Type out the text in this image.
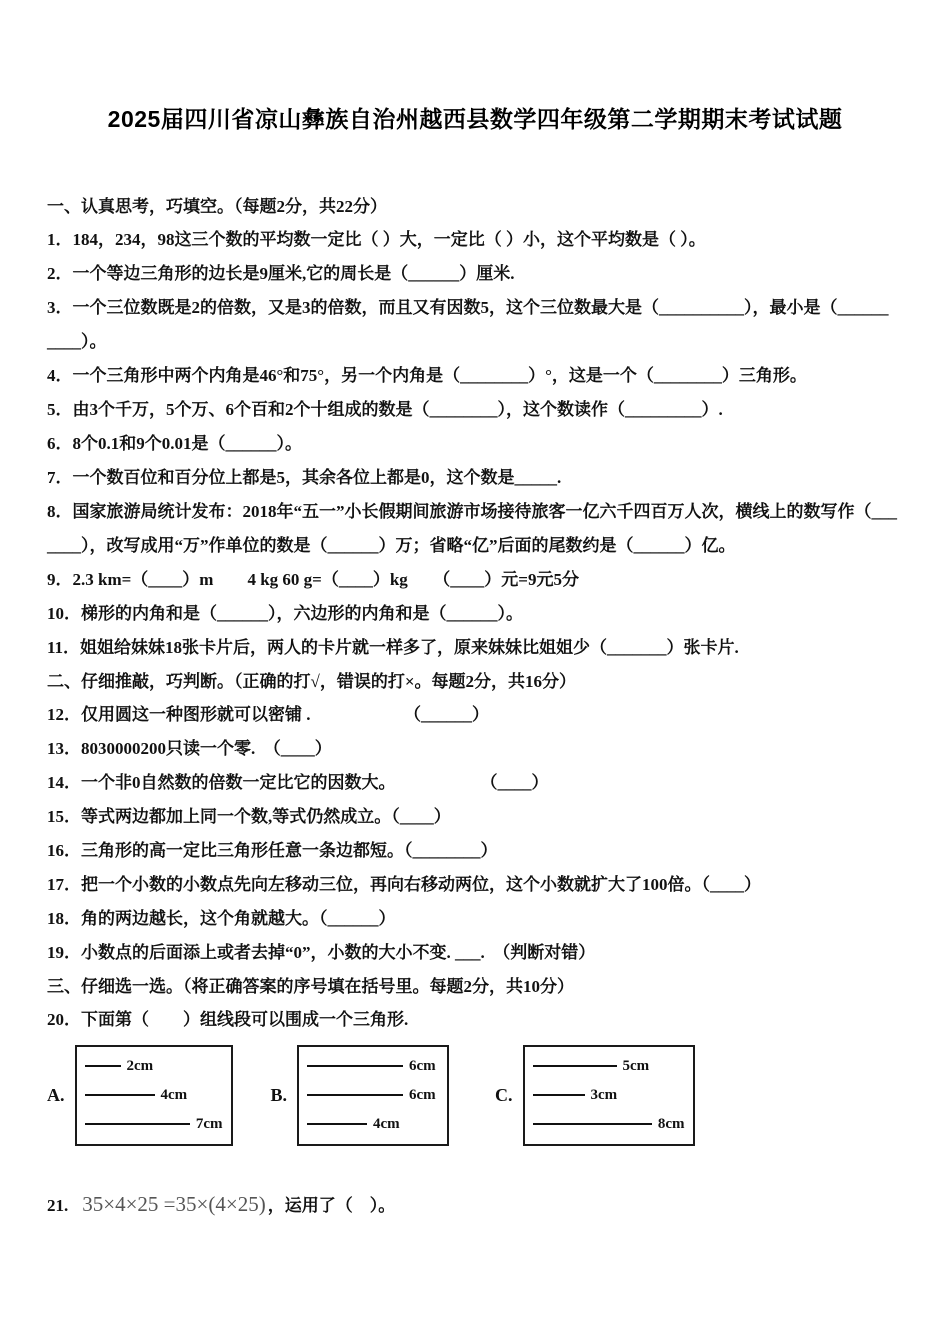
2025届四川省凉山彝族自治州越西县数学四年级第二学期期末考试试题

一、认真思考，巧填空。（每题2分，共22分）

1．184，234，98这三个数的平均数一定比（ ）大，一定比（ ）小，这个平均数是（ ）。

2．一个等边三角形的边长是9厘米,它的周长是（______）厘米.

3．一个三位数既是2的倍数，又是3的倍数，而且又有因数5，这个三位数最大是（__________），最小是（______

____）。

4．一个三角形中两个内角是46°和75°，另一个内角是（________）°，这是一个（________）三角形。

5．由3个千万，5个万、6个百和2个十组成的数是（________），这个数读作（_________）.

6．8个0.1和9个0.01是（______）。

7．一个数百位和百分位上都是5，其余各位上都是0，这个数是_____.

8．国家旅游局统计发布：2018年“五一”小长假期间旅游市场接待旅客一亿六千四百万人次，横线上的数写作（___

____），改写成用“万”作单位的数是（______）万；省略“亿”后面的尾数约是（______）亿。

9．2.3 km=（____）m　　4 kg 60 g=（____）kg　　（____）元=9元5分

10．梯形的内角和是（______），六边形的内角和是（______）。

11．姐姐给妹妹18张卡片后，两人的卡片就一样多了，原来妹妹比姐姐少（_______）张卡片.

二、仔细推敲，巧判断。（正确的打√，错误的打×。每题2分，共16分）

12．仅用圆这一种图形就可以密铺 .　　　　　　（______）

13．8030000200只读一个零.　（____）

14．一个非0自然数的倍数一定比它的因数大。　　　　　　（____）

15．等式两边都加上同一个数,等式仍然成立。（____）

16．三角形的高一定比三角形任意一条边都短。（________）

17．把一个小数的小数点先向左移动三位，再向右移动两位，这个小数就扩大了100倍。（____）

18．角的两边越长，这个角就越大。（______）

19．小数点的后面添上或者去掉“0”，小数的大小不变. ___.　（判断对错）

三、仔细选一选。（将正确答案的序号填在括号里。每题2分，共10分）

20．下面第（　　）组线段可以围成一个三角形.

A.
2cm
4cm
7cm
B.
6cm
6cm
4cm
C.
5cm
3cm
8cm
21. 35×4×25 =35×(4×25) ，运用了（　）。
